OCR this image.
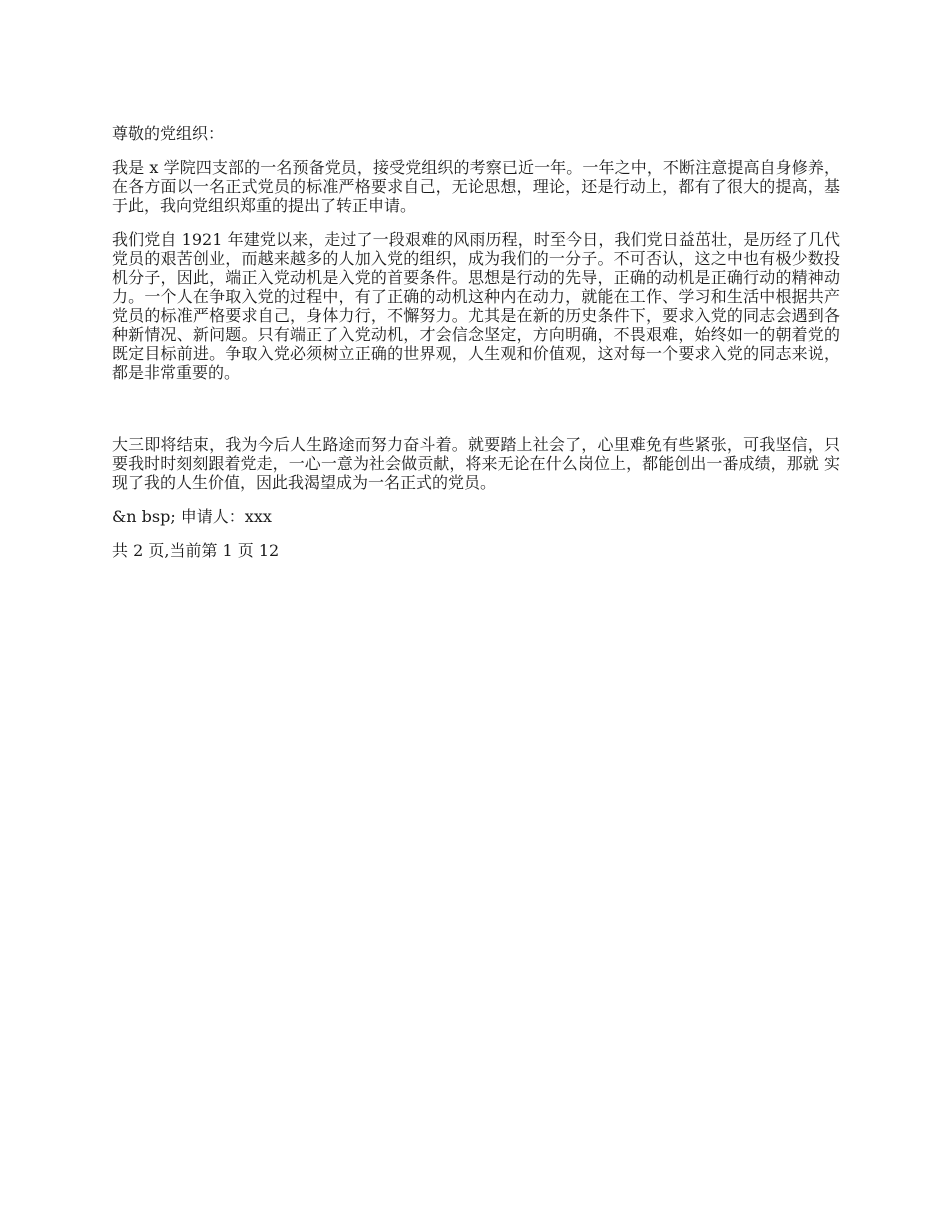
尊敬的党组织：

我是 x 学院四支部的一名预备党员，接受党组织的考察已近一年。一年之中，不断注意提高自身修养，在各方面以一名正式党员的标准严格要求自己，无论思想，理论，还是行动上，都有了很大的提高，基于此，我向党组织郑重的提出了转正申请。

我们党自 1921 年建党以来，走过了一段艰难的风雨历程，时至今日，我们党日益茁壮，是历经了几代党员的艰苦创业，而越来越多的人加入党的组织，成为我们的一分子。不可否认，这之中也有极少数投机分子，因此，端正入党动机是入党的首要条件。思想是行动的先导，正确的动机是正确行动的精神动力。一个人在争取入党的过程中，有了正确的动机这种内在动力，就能在工作、学习和生活中根据共产党员的标准严格要求自己，身体力行，不懈努力。尤其是在新的历史条件下，要求入党的同志会遇到各种新情况、新问题。只有端正了入党动机，才会信念坚定，方向明确，不畏艰难，始终如一的朝着党的既定目标前进。争取入党必须树立正确的世界观，人生观和价值观，这对每一个要求入党的同志来说，都是非常重要的。

大三即将结束，我为今后人生路途而努力奋斗着。就要踏上社会了，心里难免有些紧张，可我坚信，只要我时时刻刻跟着党走，一心一意为社会做贡献，将来无论在什么岗位上，都能创出一番成绩，那就 实现了我的人生价值，因此我渴望成为一名正式的党员。

&n bsp; 申请人：xxx

共 2 页,当前第 1 页 12
